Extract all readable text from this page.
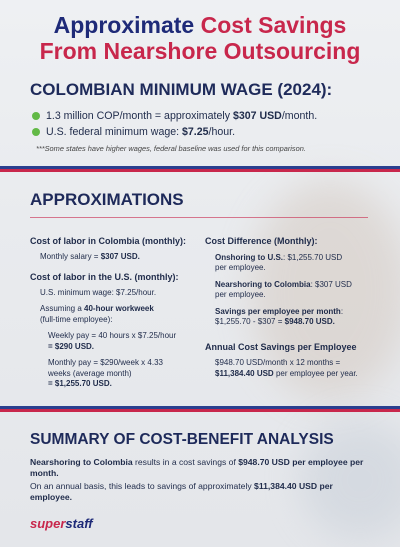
Approximate Cost Savings
From Nearshore Outsourcing
COLOMBIAN MINIMUM WAGE (2024):
1.3 million COP/month = approximately $307 USD/month.
U.S. federal minimum wage: $7.25/hour.
***Some states have higher wages, federal baseline was used for this comparison.
APPROXIMATIONS
Cost of labor in Colombia (monthly):
Monthly salary = $307 USD.
Cost of labor in the U.S. (monthly):
U.S. minimum wage: $7.25/hour.
Assuming a 40-hour workweek
(full-time employee):
Weekly pay = 40 hours x $7.25/hour
= $290 USD.
Monthly pay = $290/week x 4.33
weeks (average month)
= $1,255.70 USD.
Cost Difference (Monthly):
Onshoring to U.S.: $1,255.70 USD
per employee.
Nearshoring to Colombia: $307 USD
per employee.
Savings per employee per month:
$1,255.70 - $307 = $948.70 USD.
Annual Cost Savings per Employee
$948.70 USD/month x 12 months =
$11,384.40 USD per employee per year.
SUMMARY OF COST-BENEFIT ANALYSIS
Nearshoring to Colombia results in a cost savings of $948.70 USD per employee per month.
On an annual basis, this leads to savings of approximately $11,384.40 USD per employee.
superstaff
